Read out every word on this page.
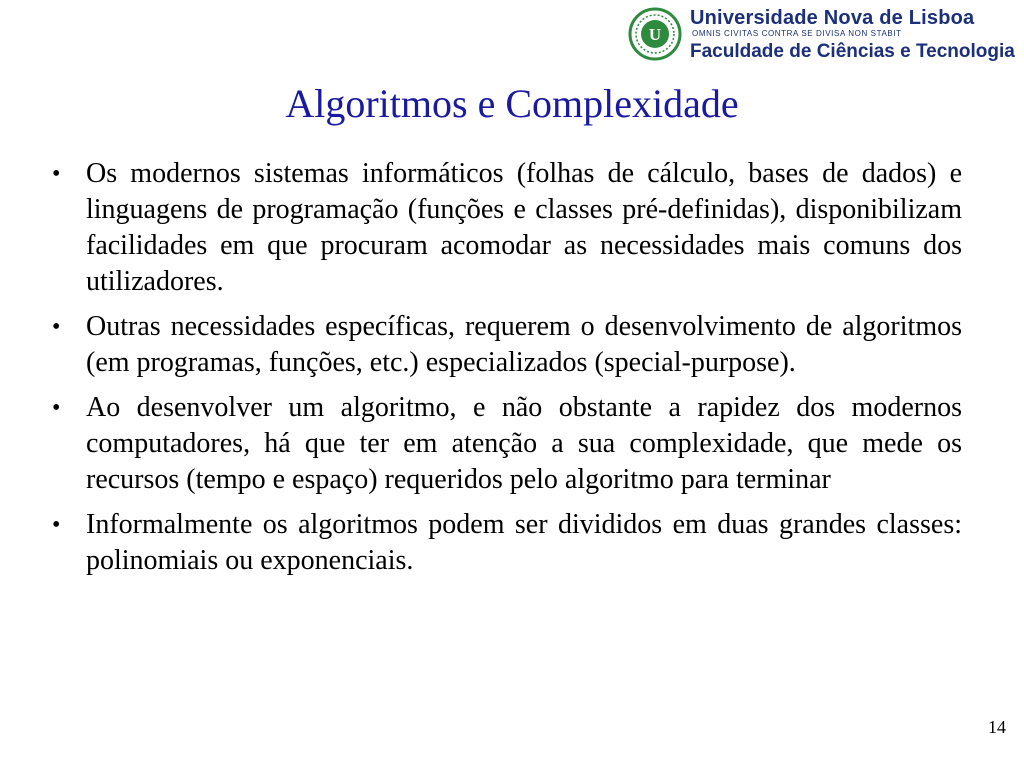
U
Universidade Nova de Lisboa
OMNIS CIVITAS CONTRA SE DIVISA NON STABIT
Faculdade de Ciências e Tecnologia
Algoritmos e Complexidade
• Os modernos sistemas informáticos (folhas de cálculo, bases de dados) e linguagens de programação (funções e classes pré-definidas), disponibilizam facilidades em que procuram acomodar as necessidades mais comuns dos utilizadores.
• Outras necessidades específicas, requerem o desenvolvimento de algoritmos (em programas, funções, etc.) especializados (special-purpose).
• Ao desenvolver um algoritmo, e não obstante a rapidez dos modernos computadores, há que ter em atenção a sua complexidade, que mede os recursos (tempo e espaço) requeridos pelo algoritmo para terminar
• Informalmente os algoritmos podem ser divididos em duas grandes classes: polinomiais ou exponenciais.
14
